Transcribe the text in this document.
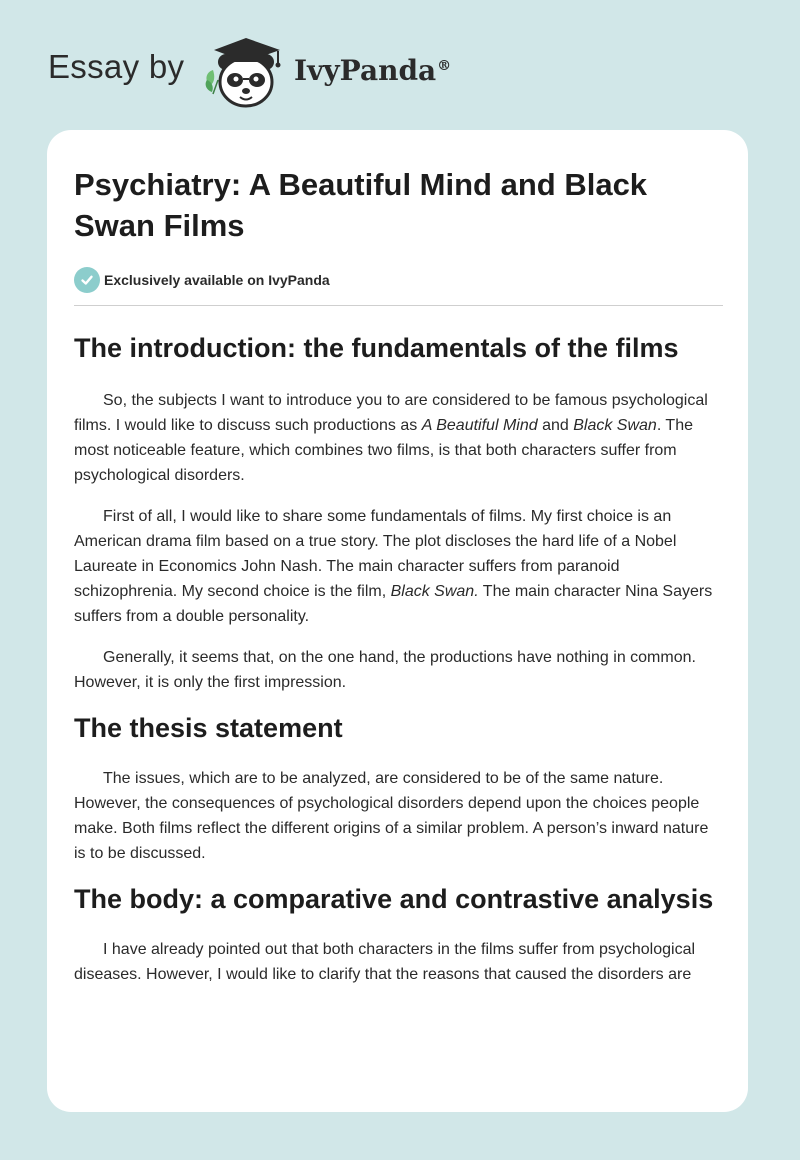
Essay by	IvyPanda®
Psychiatry: A Beautiful Mind and Black Swan Films
Exclusively available on IvyPanda
The introduction: the fundamentals of the films

So, the subjects I want to introduce you to are considered to be famous psychological films. I would like to discuss such productions as A Beautiful Mind and Black Swan. The most noticeable feature, which combines two films, is that both characters suffer from psychological disorders.

First of all, I would like to share some fundamentals of films. My first choice is an American drama film based on a true story. The plot discloses the hard life of a Nobel Laureate in Economics John Nash. The main character suffers from paranoid schizophrenia. My second choice is the film, Black Swan. The main character Nina Sayers suffers from a double personality.

Generally, it seems that, on the one hand, the productions have nothing in common. However, it is only the first impression.

The thesis statement

The issues, which are to be analyzed, are considered to be of the same nature. However, the consequences of psychological disorders depend upon the choices people make. Both films reflect the different origins of a similar problem. A person’s inward nature is to be discussed.

The body: a comparative and contrastive analysis

I have already pointed out that both characters in the films suffer from psychological diseases. However, I would like to clarify that the reasons that caused the disorders are
